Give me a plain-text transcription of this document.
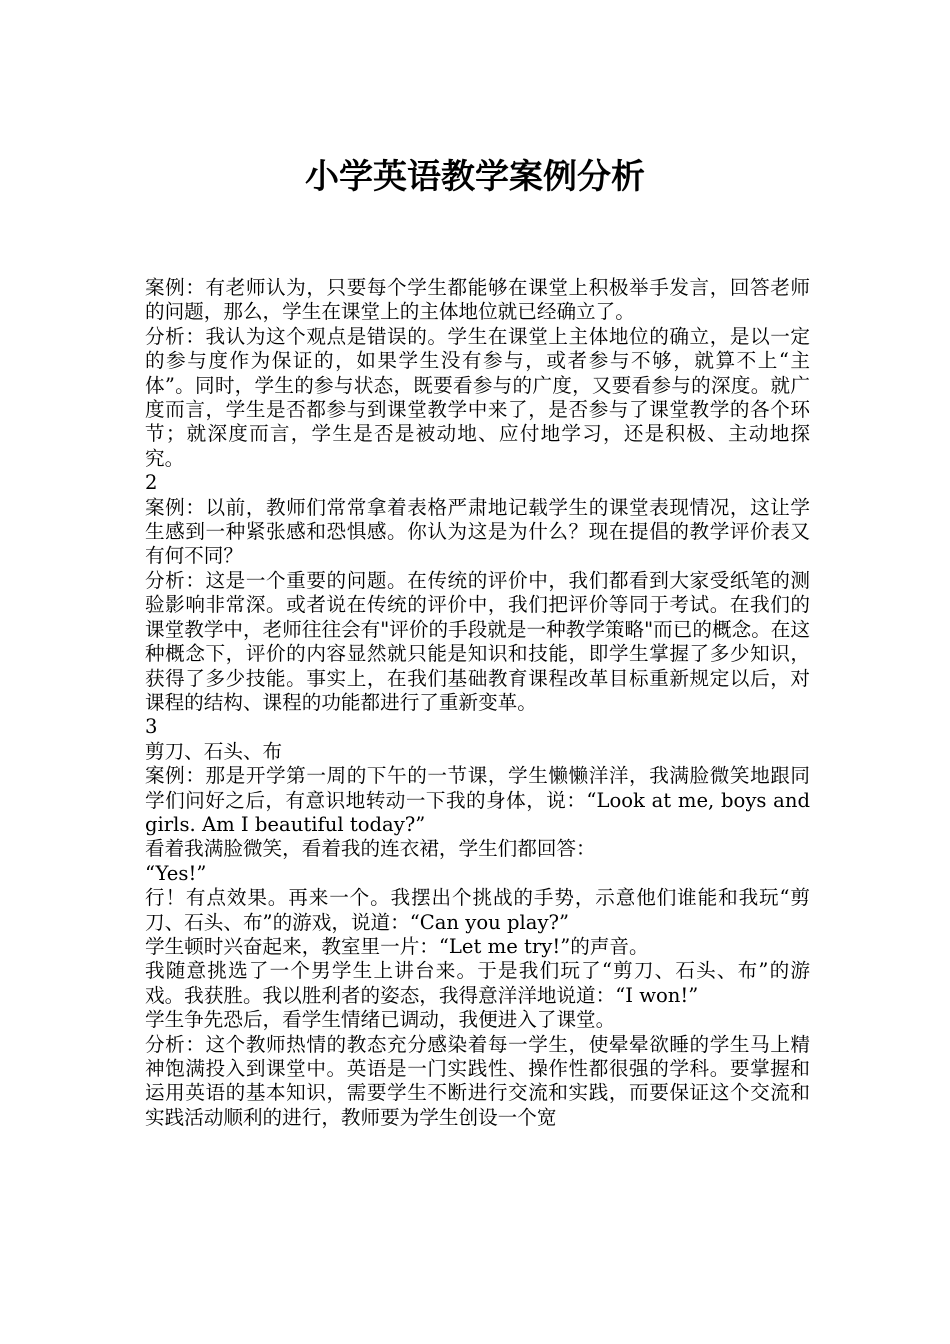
小学英语教学案例分析

案例：有老师认为，只要每个学生都能够在课堂上积极举手发言，回答老师的问题，那么，学生在课堂上的主体地位就已经确立了。

分析：我认为这个观点是错误的。学生在课堂上主体地位的确立，是以一定的参与度作为保证的，如果学生没有参与，或者参与不够，就算不上“主体”。同时，学生的参与状态，既要看参与的广度，又要看参与的深度。就广度而言，学生是否都参与到课堂教学中来了，是否参与了课堂教学的各个环节；就深度而言，学生是否是被动地、应付地学习，还是积极、主动地探究。

2

案例：以前，教师们常常拿着表格严肃地记载学生的课堂表现情况，这让学生感到一种紧张感和恐惧感。你认为这是为什么？现在提倡的教学评价表又有何不同？

分析：这是一个重要的问题。在传统的评价中，我们都看到大家受纸笔的测验影响非常深。或者说在传统的评价中，我们把评价等同于考试。在我们的课堂教学中，老师往往会有"评价的手段就是一种教学策略"而已的概念。在这种概念下，评价的内容显然就只能是知识和技能，即学生掌握了多少知识，获得了多少技能。事实上，在我们基础教育课程改革目标重新规定以后，对课程的结构、课程的功能都进行了重新变革。

3

剪刀、石头、布

案例：那是开学第一周的下午的一节课，学生懒懒洋洋，我满脸微笑地跟同学们问好之后，有意识地转动一下我的身体，说：“Look at me, boys and girls. Am I beautiful today?”

看着我满脸微笑，看着我的连衣裙，学生们都回答：

“Yes!”

行！有点效果。再来一个。我摆出个挑战的手势，示意他们谁能和我玩“剪刀、石头、布”的游戏，说道：“Can you play?”

学生顿时兴奋起来，教室里一片：“Let me try!”的声音。

我随意挑选了一个男学生上讲台来。于是我们玩了“剪刀、石头、布”的游戏。我获胜。我以胜利者的姿态，我得意洋洋地说道：“I won!”

学生争先恐后，看学生情绪已调动，我便进入了课堂。

分析：这个教师热情的教态充分感染着每一学生，使晕晕欲睡的学生马上精神饱满投入到课堂中。英语是一门实践性、操作性都很强的学科。要掌握和运用英语的基本知识，需要学生不断进行交流和实践，而要保证这个交流和实践活动顺利的进行，教师要为学生创设一个宽
